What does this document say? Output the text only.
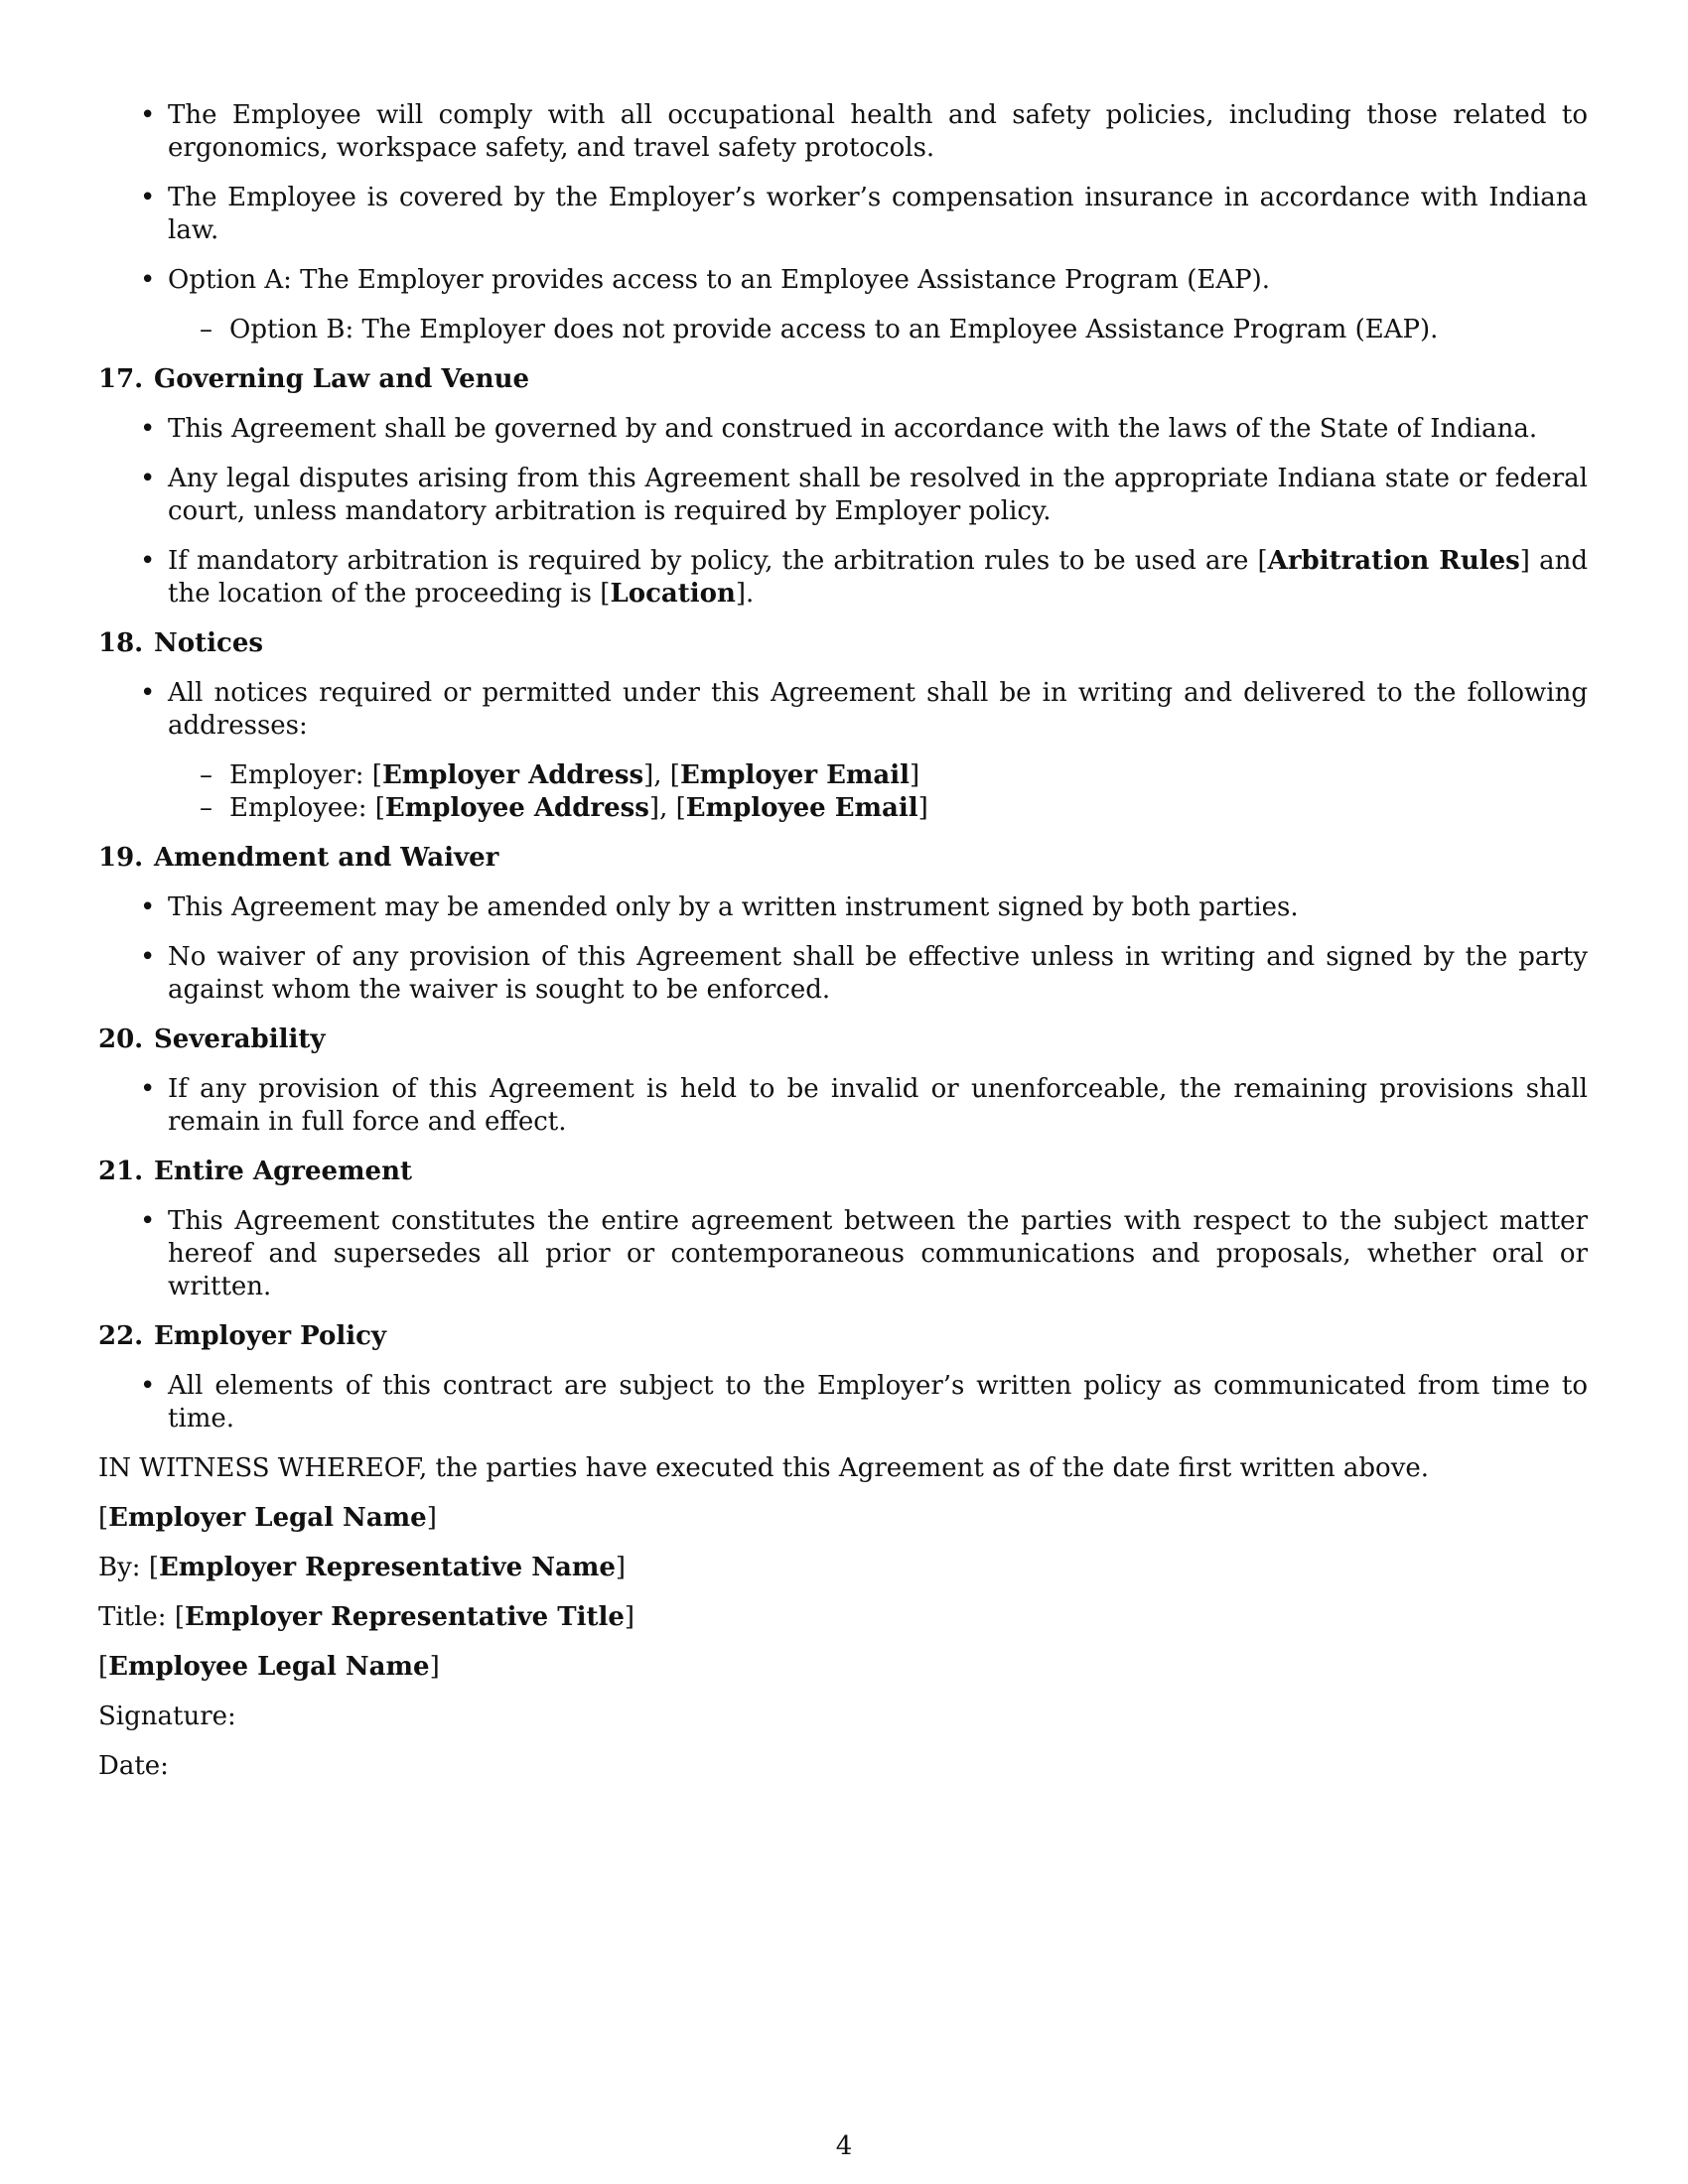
• The Employee will comply with all occupational health and safety policies, including those related to ergonomics, workspace safety, and travel safety protocols.
• The Employee is covered by the Employer’s worker’s compensation insurance in accordance with Indiana law.
• Option A: The Employer provides access to an Employee Assistance Program (EAP).
– Option B: The Employer does not provide access to an Employee Assistance Program (EAP).
17. Governing Law and Venue
• This Agreement shall be governed by and construed in accordance with the laws of the State of Indiana.
• Any legal disputes arising from this Agreement shall be resolved in the appropriate Indiana state or federal court, unless mandatory arbitration is required by Employer policy.
• If mandatory arbitration is required by policy, the arbitration rules to be used are [Arbitration Rules] and the location of the proceeding is [Location].
18. Notices
• All notices required or permitted under this Agreement shall be in writing and delivered to the following addresses:
– Employer: [Employer Address], [Employer Email]
– Employee: [Employee Address], [Employee Email]
19. Amendment and Waiver
• This Agreement may be amended only by a written instrument signed by both parties.
• No waiver of any provision of this Agreement shall be effective unless in writing and signed by the party against whom the waiver is sought to be enforced.
20. Severability
• If any provision of this Agreement is held to be invalid or unenforceable, the remaining provisions shall remain in full force and effect.
21. Entire Agreement
• This Agreement constitutes the entire agreement between the parties with respect to the subject matter hereof and supersedes all prior or contemporaneous communications and proposals, whether oral or written.
22. Employer Policy
• All elements of this contract are subject to the Employer’s written policy as communicated from time to time.

IN WITNESS WHEREOF, the parties have executed this Agreement as of the date first written above.

[Employer Legal Name]

By: [Employer Representative Name]

Title: [Employer Representative Title]

[Employee Legal Name]

Signature:

Date:

4
